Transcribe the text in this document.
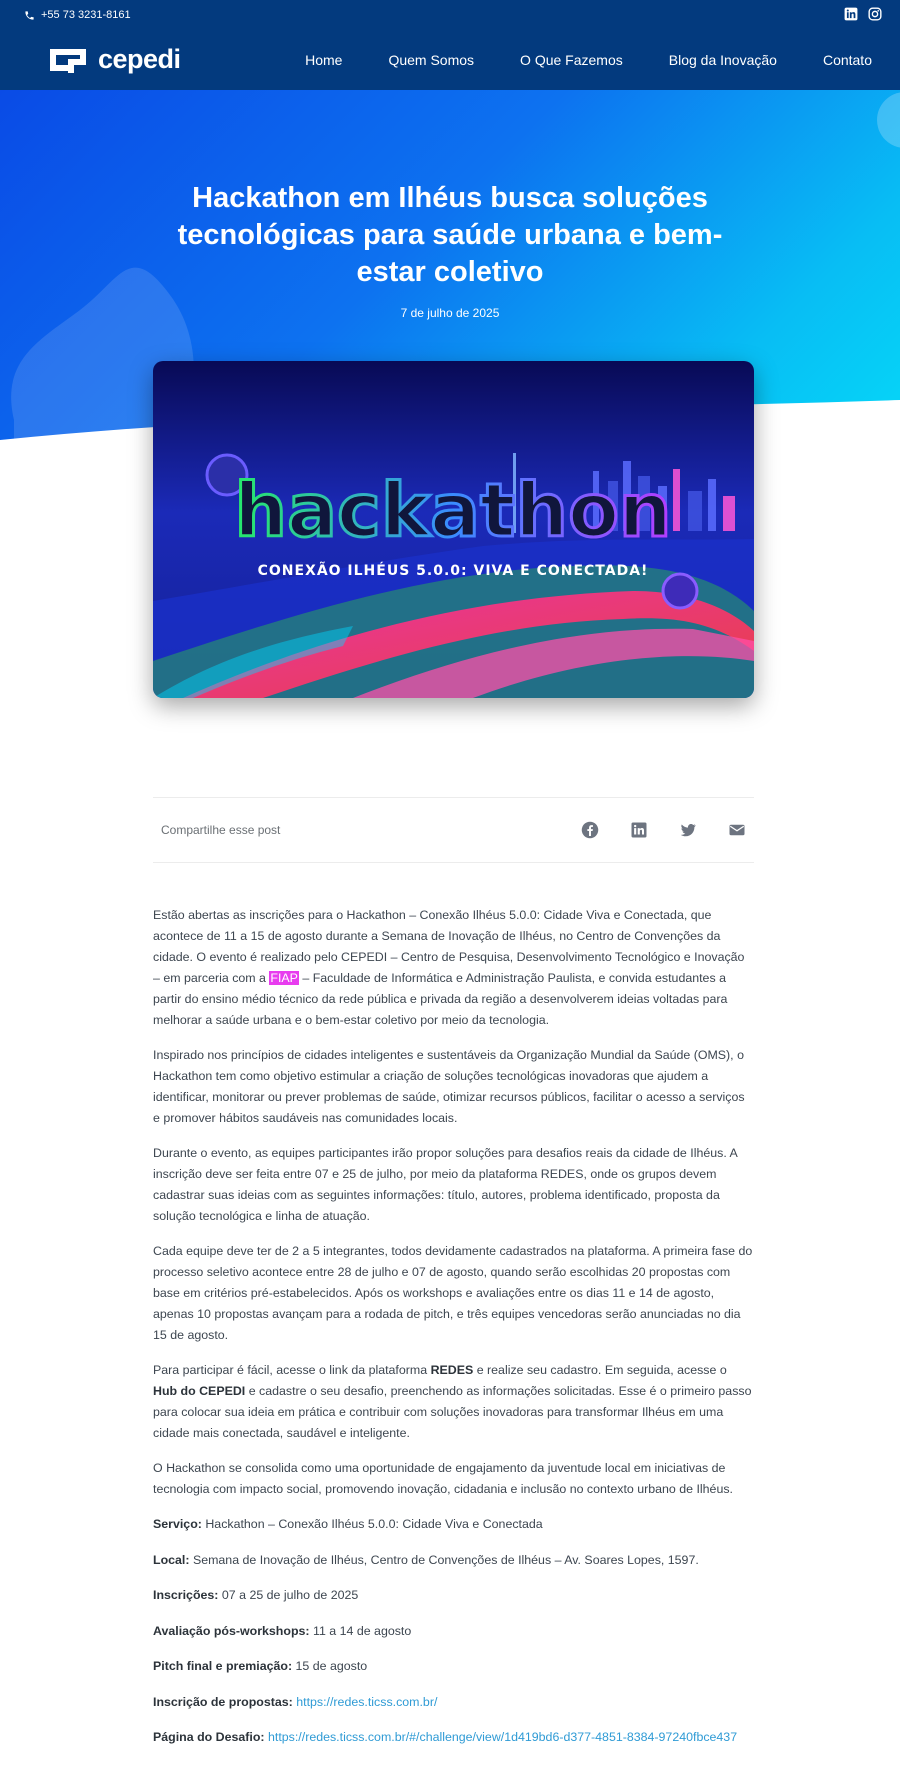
+55 73 3231-8161
cepedi	Home	Quem Somos	O Que Fazemos	Blog da Inovação	Contato
Hackathon em Ilhéus busca soluções tecnológicas para saúde urbana e bem-estar coletivo
7 de julho de 2025
hackathon
CONEXÃO ILHÉUS 5.0.0: VIVA E CONECTADA!
Compartilhe esse post

Estão abertas as inscrições para o Hackathon – Conexão Ilhéus 5.0.0: Cidade Viva e Conectada, que acontece de 11 a 15 de agosto durante a Semana de Inovação de Ilhéus, no Centro de Convenções da cidade. O evento é realizado pelo CEPEDI – Centro de Pesquisa, Desenvolvimento Tecnológico e Inovação – em parceria com a FIAP – Faculdade de Informática e Administração Paulista, e convida estudantes a partir do ensino médio técnico da rede pública e privada da região a desenvolverem ideias voltadas para melhorar a saúde urbana e o bem-estar coletivo por meio da tecnologia.

Inspirado nos princípios de cidades inteligentes e sustentáveis da Organização Mundial da Saúde (OMS), o Hackathon tem como objetivo estimular a criação de soluções tecnológicas inovadoras que ajudem a identificar, monitorar ou prever problemas de saúde, otimizar recursos públicos, facilitar o acesso a serviços e promover hábitos saudáveis nas comunidades locais.

Durante o evento, as equipes participantes irão propor soluções para desafios reais da cidade de Ilhéus. A inscrição deve ser feita entre 07 e 25 de julho, por meio da plataforma REDES, onde os grupos devem cadastrar suas ideias com as seguintes informações: título, autores, problema identificado, proposta da solução tecnológica e linha de atuação.

Cada equipe deve ter de 2 a 5 integrantes, todos devidamente cadastrados na plataforma. A primeira fase do processo seletivo acontece entre 28 de julho e 07 de agosto, quando serão escolhidas 20 propostas com base em critérios pré-estabelecidos. Após os workshops e avaliações entre os dias 11 e 14 de agosto, apenas 10 propostas avançam para a rodada de pitch, e três equipes vencedoras serão anunciadas no dia 15 de agosto.

Para participar é fácil, acesse o link da plataforma REDES e realize seu cadastro. Em seguida, acesse o Hub do CEPEDI e cadastre o seu desafio, preenchendo as informações solicitadas. Esse é o primeiro passo para colocar sua ideia em prática e contribuir com soluções inovadoras para transformar Ilhéus em uma cidade mais conectada, saudável e inteligente.

O Hackathon se consolida como uma oportunidade de engajamento da juventude local em iniciativas de tecnologia com impacto social, promovendo inovação, cidadania e inclusão no contexto urbano de Ilhéus.

Serviço: Hackathon – Conexão Ilhéus 5.0.0: Cidade Viva e Conectada

Local: Semana de Inovação de Ilhéus, Centro de Convenções de Ilhéus – Av. Soares Lopes, 1597.

Inscrições: 07 a 25 de julho de 2025

Avaliação pós-workshops: 11 a 14 de agosto

Pitch final e premiação: 15 de agosto

Inscrição de propostas: https://redes.ticss.com.br/

Página do Desafio: https://redes.ticss.com.br/#/challenge/view/1d419bd6-d377-4851-8384-97240fbce437
